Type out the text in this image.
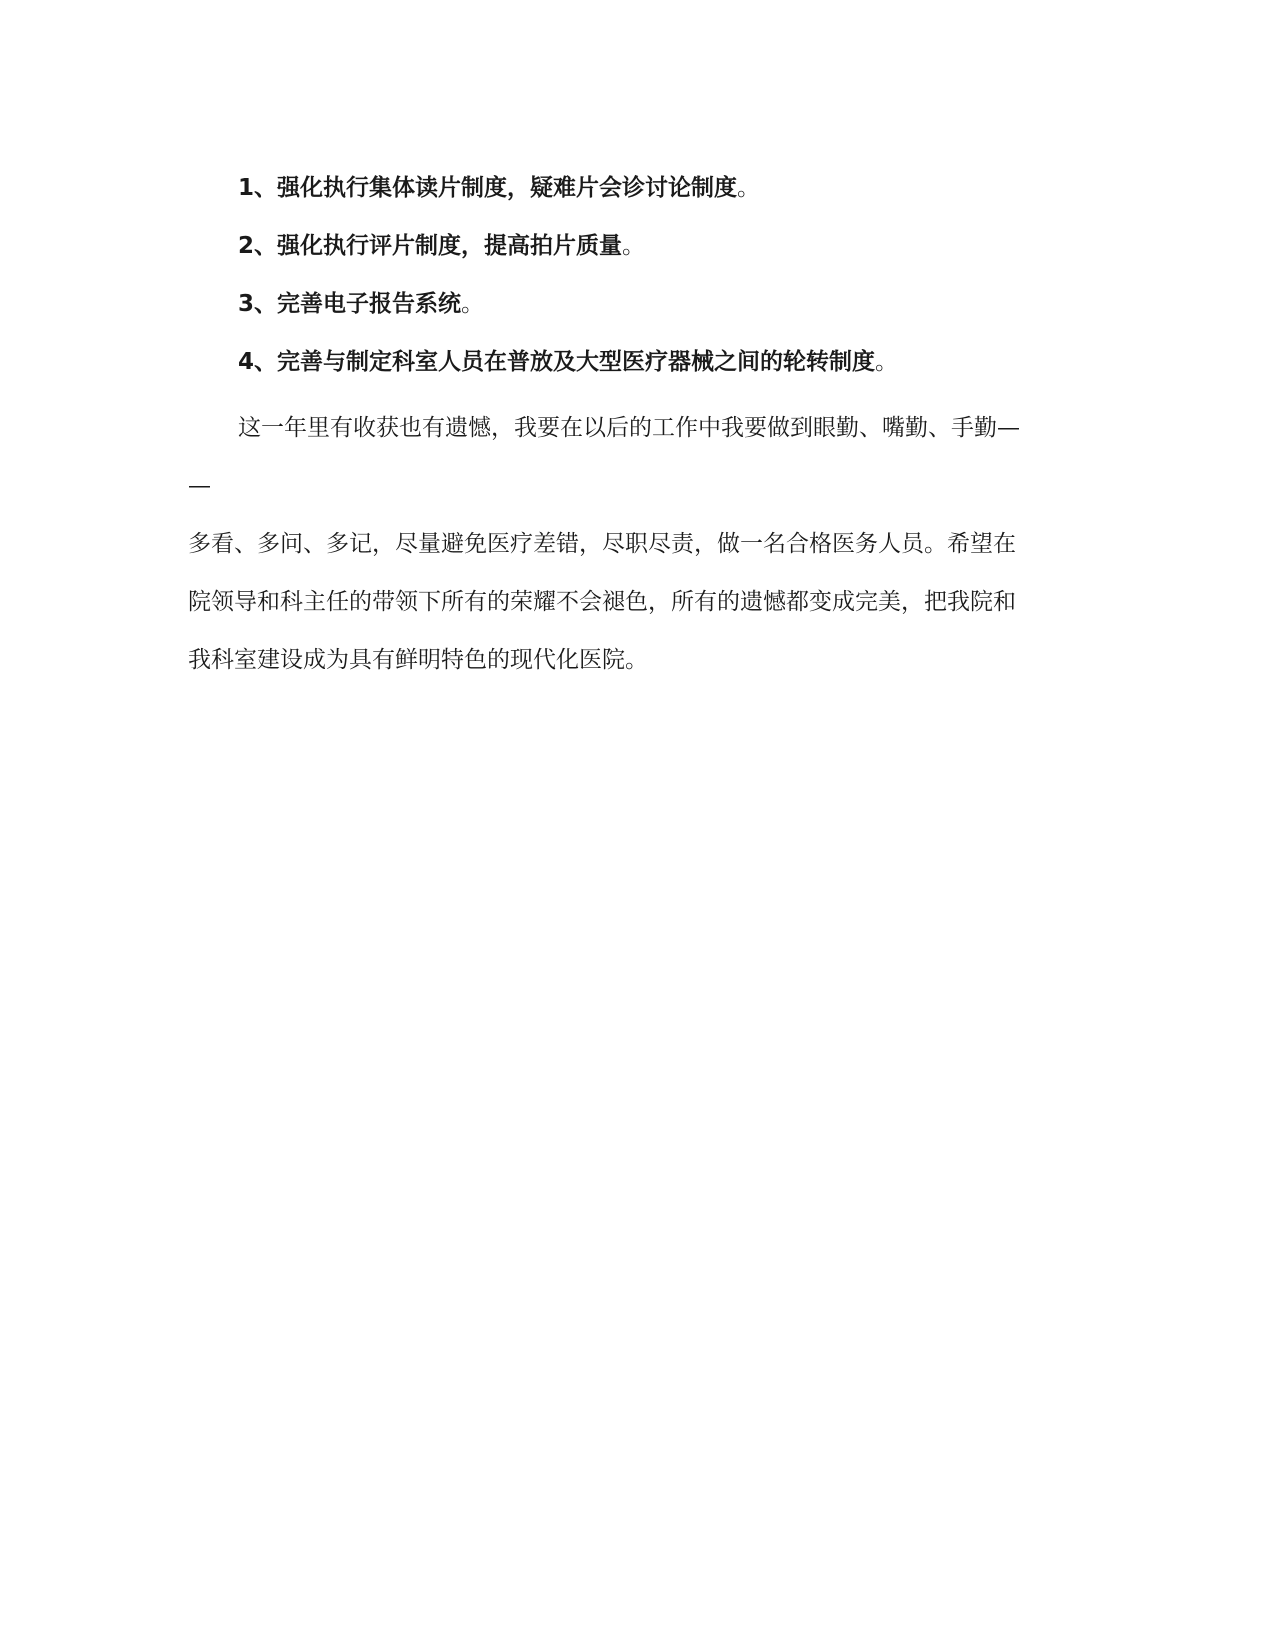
1、强化执行集体读片制度，疑难片会诊讨论制度。
2、强化执行评片制度，提高拍片质量。
3、完善电子报告系统。
4、完善与制定科室人员在普放及大型医疗器械之间的轮转制度。
这一年里有收获也有遗憾，我要在以后的工作中我要做到眼勤、嘴勤、手勤—
—
多看、多问、多记，尽量避免医疗差错，尽职尽责，做一名合格医务人员。希望在
院领导和科主任的带领下所有的荣耀不会褪色，所有的遗憾都变成完美，把我院和
我科室建设成为具有鲜明特色的现代化医院。
